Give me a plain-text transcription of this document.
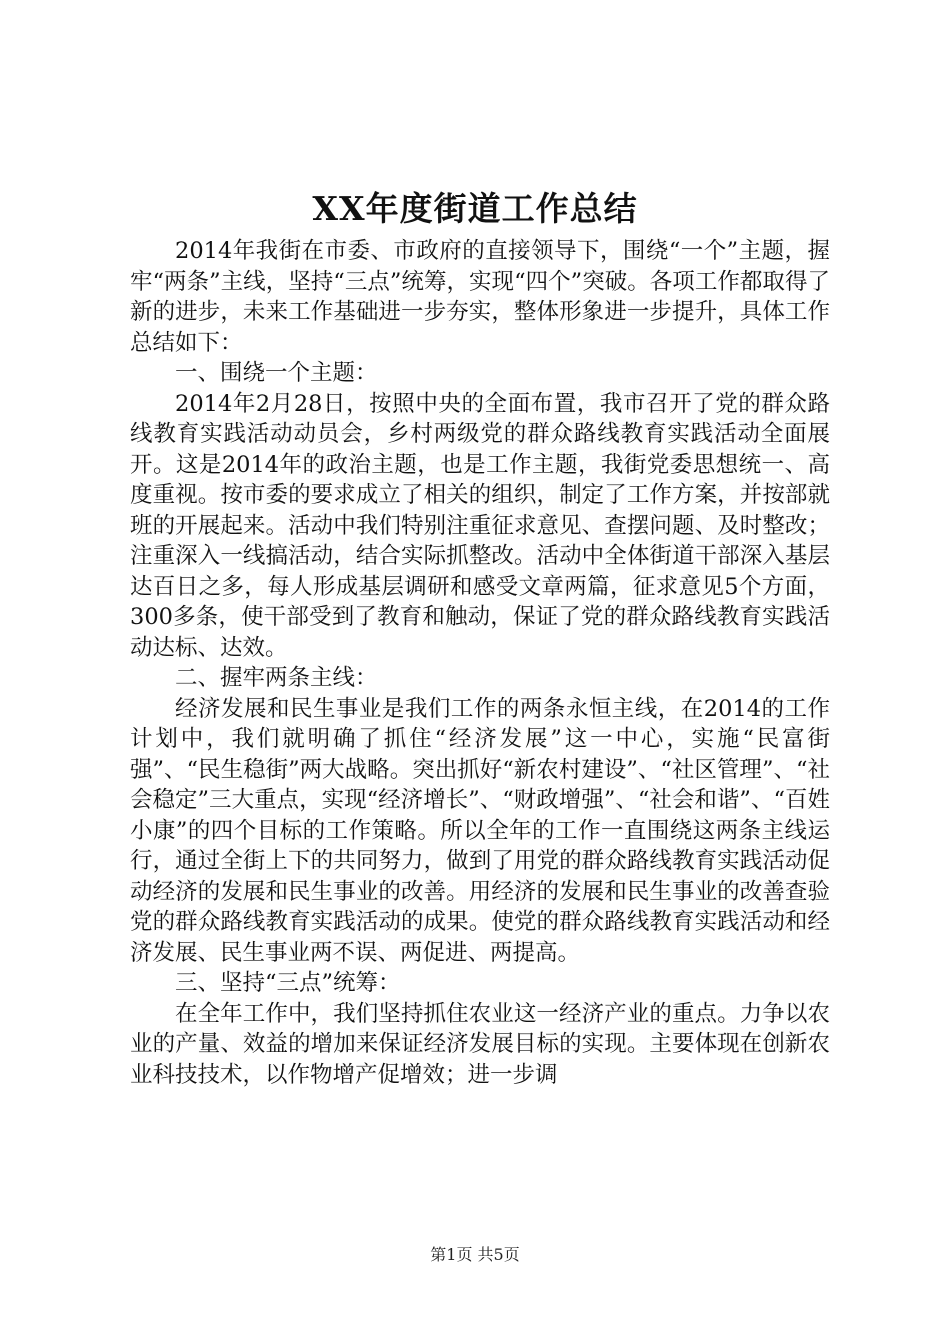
XX年度街道工作总结

2014年我街在市委、市政府的直接领导下，围绕“一个”主题，握牢“两条”主线，坚持“三点”统筹，实现“四个”突破。各项工作都取得了新的进步，未来工作基础进一步夯实，整体形象进一步提升，具体工作总结如下：

一、围绕一个主题：

2014年2月28日，按照中央的全面布置，我市召开了党的群众路线教育实践活动动员会，乡村两级党的群众路线教育实践活动全面展开。这是2014年的政治主题，也是工作主题，我街党委思想统一、高度重视。按市委的要求成立了相关的组织，制定了工作方案，并按部就班的开展起来。活动中我们特别注重征求意见、查摆问题、及时整改；注重深入一线搞活动，结合实际抓整改。活动中全体街道干部深入基层达百日之多，每人形成基层调研和感受文章两篇，征求意见5个方面，300多条，使干部受到了教育和触动，保证了党的群众路线教育实践活动达标、达效。

二、握牢两条主线：

经济发展和民生事业是我们工作的两条永恒主线，在2014的工作计划中，我们就明确了抓住“经济发展”这一中心，实施“民富街强”、“民生稳街”两大战略。突出抓好“新农村建设”、“社区管理”、“社会稳定”三大重点，实现“经济增长”、“财政增强”、“社会和谐”、“百姓小康”的四个目标的工作策略。所以全年的工作一直围绕这两条主线运行，通过全街上下的共同努力，做到了用党的群众路线教育实践活动促动经济的发展和民生事业的改善。用经济的发展和民生事业的改善查验党的群众路线教育实践活动的成果。使党的群众路线教育实践活动和经济发展、民生事业两不误、两促进、两提高。

三、坚持“三点”统筹：

在全年工作中，我们坚持抓住农业这一经济产业的重点。力争以农业的产量、效益的增加来保证经济发展目标的实现。主要体现在创新农业科技技术，以作物增产促增效；进一步调

第1页 共5页
